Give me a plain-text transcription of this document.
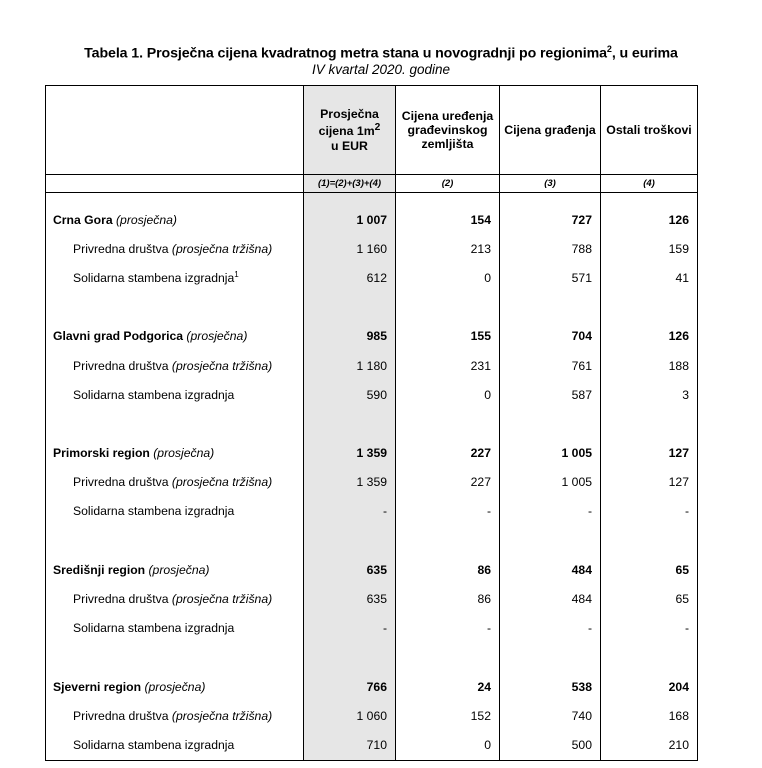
Tabela 1. Prosječna cijena kvadratnog metra stana u novogradnji po regionima$^2$, u eurima
IV kvartal 2020. godine
	Prosječna
cijena $1m^2$
u EUR	Cijena uređenja građevinskog zemljišta	Cijena građenja	Ostali troškovi
	(1)=(2)+(3)+(4)	(2)	(3)	(4)

Crna Gora (prosječna)	1 007	154	727	126
Privredna društva (prosječna tržišna)	1 160	213	788	159
Solidarna stambena izgradnja$^1$	612	0	571	41

Glavni grad Podgorica (prosječna)	985	155	704	126
Privredna društva (prosječna tržišna)	1 180	231	761	188
Solidarna stambena izgradnja	590	0	587	3

Primorski region (prosječna)	1 359	227	1 005	127
Privredna društva (prosječna tržišna)	1 359	227	1 005	127
Solidarna stambena izgradnja	-	-	-	-

Središnji region (prosječna)	635	86	484	65
Privredna društva (prosječna tržišna)	635	86	484	65
Solidarna stambena izgradnja	-	-	-	-

Sjeverni region (prosječna)	766	24	538	204
Privredna društva (prosječna tržišna)	1 060	152	740	168
Solidarna stambena izgradnja	710	0	500	210
